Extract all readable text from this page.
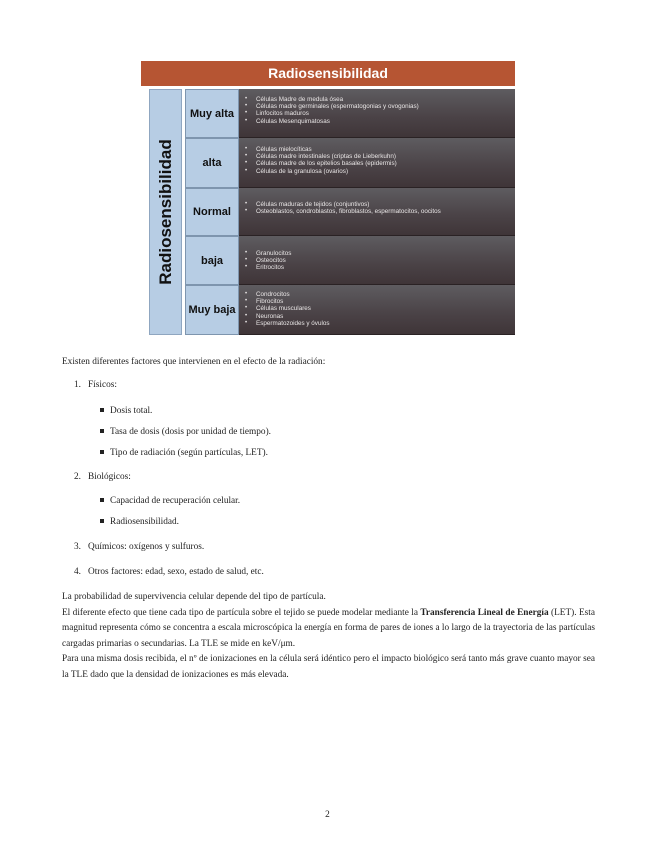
Radiosensibilidad
Radiosensibilidad
Muy alta
• Células Madre de medula ósea
• Células madre germinales (espermatogonias y ovogonias)
• Linfocitos maduros
• Células Mesenquimatosas
alta
• Células mielocíticas
• Células madre intestinales (criptas de Lieberkuhn)
• Células madre de los epitelios basales (epidermis)
• Células de la granulosa (ovarios)
Normal
• Células maduras de tejidos (conjuntivos)
• Osteoblastos, condroblastos, fibroblastos, espermatocitos, oocitos
baja
• Granulocitos
• Osteocitos
• Eritrocitos
Muy baja
• Condrocitos
• Fibrocitos
• Células musculares
• Neuronas
• Espermatozoides y óvulos
Existen diferentes factores que intervienen en el efecto de la radiación:
1. Físicos:
Dosis total.
Tasa de dosis (dosis por unidad de tiempo).
Tipo de radiación (según partículas, LET).
2. Biológicos:
Capacidad de recuperación celular.
Radiosensibilidad.
3. Químicos: oxígenos y sulfuros.
4. Otros factores: edad, sexo, estado de salud, etc.
La probabilidad de supervivencia celular depende del tipo de partícula.
El diferente efecto que tiene cada tipo de partícula sobre el tejido se puede modelar mediante la Transferencia Lineal de Energía (LET). Esta magnitud representa cómo se concentra a escala microscópica la energía en forma de pares de iones a lo largo de la trayectoria de las partículas cargadas primarias o secundarias. La TLE se mide en keV/μm.
Para una misma dosis recibida, el nº de ionizaciones en la célula será idéntico pero el impacto biológico será tanto más grave cuanto mayor sea la TLE dado que la densidad de ionizaciones es más elevada.
2
